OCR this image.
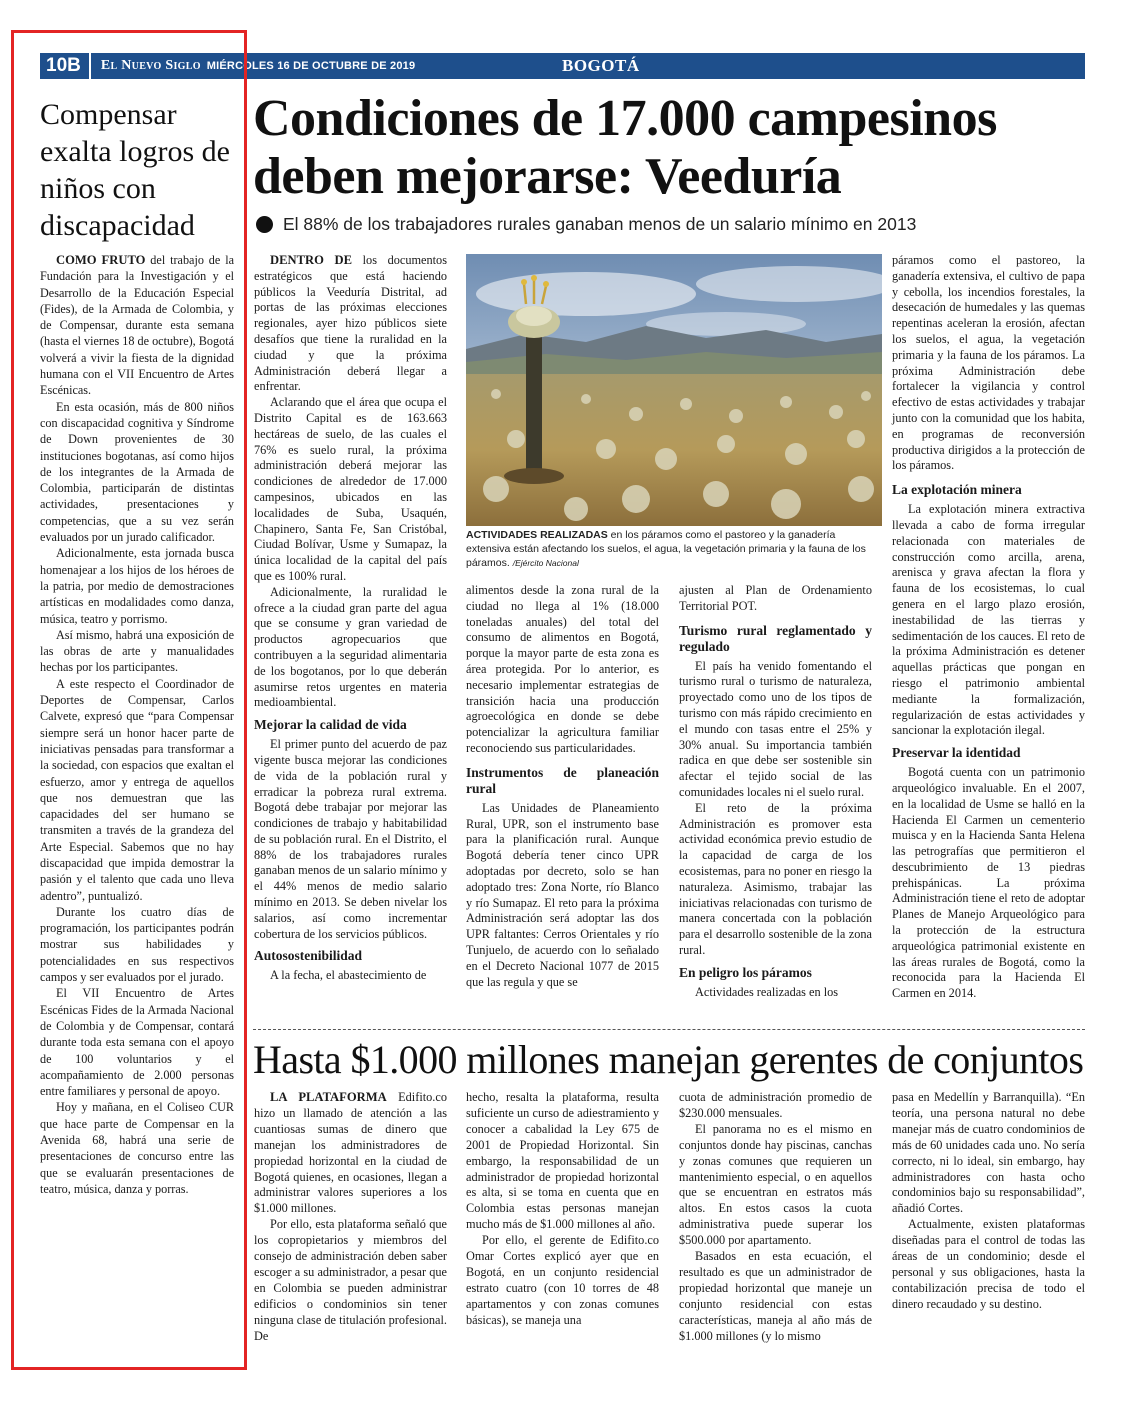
10B	El Nuevo Siglo MIÉRCOLES 16 DE OCTUBRE DE 2019	BOGOTÁ
Compensar exalta logros de niños con discapacidad

COMO FRUTO del trabajo de la Fundación para la Investigación y el Desarrollo de la Educación Especial (Fides), de la Armada de Colombia, y de Compensar, durante esta semana (hasta el viernes 18 de octubre), Bogotá volverá a vivir la fiesta de la dignidad humana con el VII Encuentro de Artes Escénicas.

En esta ocasión, más de 800 niños con discapacidad cognitiva y Síndrome de Down provenientes de 30 instituciones bogotanas, así como hijos de los integrantes de la Armada de Colombia, participarán de distintas actividades, presentaciones y competencias, que a su vez serán evaluados por un jurado calificador.

Adicionalmente, esta jornada busca homenajear a los hijos de los héroes de la patria, por medio de demostraciones artísticas en modalidades como danza, música, teatro y porrismo.

Así mismo, habrá una exposición de las obras de arte y manualidades hechas por los participantes.

A este respecto el Coordinador de Deportes de Compensar, Carlos Calvete, expresó que “para Compensar siempre será un honor hacer parte de iniciativas pensadas para transformar a la sociedad, con espacios que exaltan el esfuerzo, amor y entrega de aquellos que nos demuestran que las capacidades del ser humano se transmiten a través de la grandeza del Arte Especial. Sabemos que no hay discapacidad que impida demostrar la pasión y el talento que cada uno lleva adentro”, puntualizó.

Durante los cuatro días de programación, los participantes podrán mostrar sus habilidades y potencialidades en sus respectivos campos y ser evaluados por el jurado.

El VII Encuentro de Artes Escénicas Fides de la Armada Nacional de Colombia y de Compensar, contará durante toda esta semana con el apoyo de 100 voluntarios y el acompañamiento de 2.000 personas entre familiares y personal de apoyo.

Hoy y mañana, en el Coliseo CUR que hace parte de Compensar en la Avenida 68, habrá una serie de presentaciones de concurso entre las que se evaluarán presentaciones de teatro, música, danza y porras.

Condiciones de 17.000 campesinos deben mejorarse: Veeduría
El 88% de los trabajadores rurales ganaban menos de un salario mínimo en 2013

DENTRO DE los documentos estratégicos que está haciendo públicos la Veeduría Distrital, ad portas de las próximas elecciones regionales, ayer hizo públicos siete desafíos que tiene la ruralidad en la ciudad y que la próxima Administración deberá llegar a enfrentar.

Aclarando que el área que ocupa el Distrito Capital es de 163.663 hectáreas de suelo, de las cuales el 76% es suelo rural, la próxima administración deberá mejorar las condiciones de alrededor de 17.000 campesinos, ubicados en las localidades de Suba, Usaquén, Chapinero, Santa Fe, San Cristóbal, Ciudad Bolívar, Usme y Sumapaz, la única localidad de la capital del país que es 100% rural.

Adicionalmente, la ruralidad le ofrece a la ciudad gran parte del agua que se consume y gran variedad de productos agropecuarios que contribuyen a la seguridad alimentaria de los bogotanos, por lo que deberán asumirse retos urgentes en materia medioambiental.

Mejorar la calidad de vida

El primer punto del acuerdo de paz vigente busca mejorar las condiciones de vida de la población rural y erradicar la pobreza rural extrema. Bogotá debe trabajar por mejorar las condiciones de trabajo y habitabilidad de su población rural. En el Distrito, el 88% de los trabajadores rurales ganaban menos de un salario mínimo y el 44% menos de medio salario mínimo en 2013. Se deben nivelar los salarios, así como incrementar cobertura de los servicios públicos.

Autosostenibilidad

A la fecha, el abastecimiento de

ACTIVIDADES REALIZADAS en los páramos como el pastoreo y la ganadería extensiva están afectando los suelos, el agua, la vegetación primaria y la fauna de los páramos. /Ejército Nacional

alimentos desde la zona rural de la ciudad no llega al 1% (18.000 toneladas anuales) del total del consumo de alimentos en Bogotá, porque la mayor parte de esta zona es área protegida. Por lo anterior, es necesario implementar estrategias de transición hacia una producción agroecológica en donde se debe potencializar la agricultura familiar reconociendo sus particularidades.

Instrumentos de planeación rural

Las Unidades de Planeamiento Rural, UPR, son el instrumento base para la planificación rural. Aunque Bogotá debería tener cinco UPR adoptadas por decreto, solo se han adoptado tres: Zona Norte, río Blanco y río Sumapaz. El reto para la próxima Administración será adoptar las dos UPR faltantes: Cerros Orientales y río Tunjuelo, de acuerdo con lo señalado en el Decreto Nacional 1077 de 2015 que las regula y que se

ajusten al Plan de Ordenamiento Territorial POT.

Turismo rural reglamentado y regulado

El país ha venido fomentando el turismo rural o turismo de naturaleza, proyectado como uno de los tipos de turismo con más rápido crecimiento en el mundo con tasas entre el 25% y 30% anual. Su importancia también radica en que debe ser sostenible sin afectar el tejido social de las comunidades locales ni el suelo rural.

El reto de la próxima Administración es promover esta actividad económica previo estudio de la capacidad de carga de los ecosistemas, para no poner en riesgo la naturaleza. Asimismo, trabajar las iniciativas relacionadas con turismo de manera concertada con la población para el desarrollo sostenible de la zona rural.

En peligro los páramos

Actividades realizadas en los

páramos como el pastoreo, la ganadería extensiva, el cultivo de papa y cebolla, los incendios forestales, la desecación de humedales y las quemas repentinas aceleran la erosión, afectan los suelos, el agua, la vegetación primaria y la fauna de los páramos. La próxima Administración debe fortalecer la vigilancia y control efectivo de estas actividades y trabajar junto con la comunidad que los habita, en programas de reconversión productiva dirigidos a la protección de los páramos.

La explotación minera

La explotación minera extractiva llevada a cabo de forma irregular relacionada con materiales de construcción como arcilla, arena, arenisca y grava afectan la flora y fauna de los ecosistemas, lo cual genera en el largo plazo erosión, inestabilidad de las tierras y sedimentación de los cauces. El reto de la próxima Administración es detener aquellas prácticas que pongan en riesgo el patrimonio ambiental mediante la formalización, regularización de estas actividades y sancionar la explotación ilegal.

Preservar la identidad

Bogotá cuenta con un patrimonio arqueológico invaluable. En el 2007, en la localidad de Usme se halló en la Hacienda El Carmen un cementerio muisca y en la Hacienda Santa Helena las petrografías que permitieron el descubrimiento de 13 piedras prehispánicas. La próxima Administración tiene el reto de adoptar Planes de Manejo Arqueológico para la protección de la estructura arqueológica patrimonial existente en las áreas rurales de Bogotá, como la reconocida para la Hacienda El Carmen en 2014.

Hasta $1.000 millones manejan gerentes de conjuntos

LA PLATAFORMA Edifito.co hizo un llamado de atención a las cuantiosas sumas de dinero que manejan los administradores de propiedad horizontal en la ciudad de Bogotá quienes, en ocasiones, llegan a administrar valores superiores a los $1.000 millones.

Por ello, esta plataforma señaló que los copropietarios y miembros del consejo de administración deben saber escoger a su administrador, a pesar que en Colombia se pueden administrar edificios o condominios sin tener ninguna clase de titulación profesional. De

hecho, resalta la plataforma, resulta suficiente un curso de adiestramiento y conocer a cabalidad la Ley 675 de 2001 de Propiedad Horizontal. Sin embargo, la responsabilidad de un administrador de propiedad horizontal es alta, si se toma en cuenta que en Colombia estas personas manejan mucho más de $1.000 millones al año.

Por ello, el gerente de Edifito.co Omar Cortes explicó ayer que en Bogotá, en un conjunto residencial estrato cuatro (con 10 torres de 48 apartamentos y con zonas comunes básicas), se maneja una

cuota de administración promedio de $230.000 mensuales.

El panorama no es el mismo en conjuntos donde hay piscinas, canchas y zonas comunes que requieren un mantenimiento especial, o en aquellos que se encuentran en estratos más altos. En estos casos la cuota administrativa puede superar los $500.000 por apartamento.

Basados en esta ecuación, el resultado es que un administrador de propiedad horizontal que maneje un conjunto residencial con estas características, maneja al año más de $1.000 millones (y lo mismo

pasa en Medellín y Barranquilla). “En teoría, una persona natural no debe manejar más de cuatro condominios de más de 60 unidades cada uno. No sería correcto, ni lo ideal, sin embargo, hay administradores con hasta ocho condominios bajo su responsabilidad”, añadió Cortes.

Actualmente, existen plataformas diseñadas para el control de todas las áreas de un condominio; desde el personal y sus obligaciones, hasta la contabilización precisa de todo el dinero recaudado y su destino.
